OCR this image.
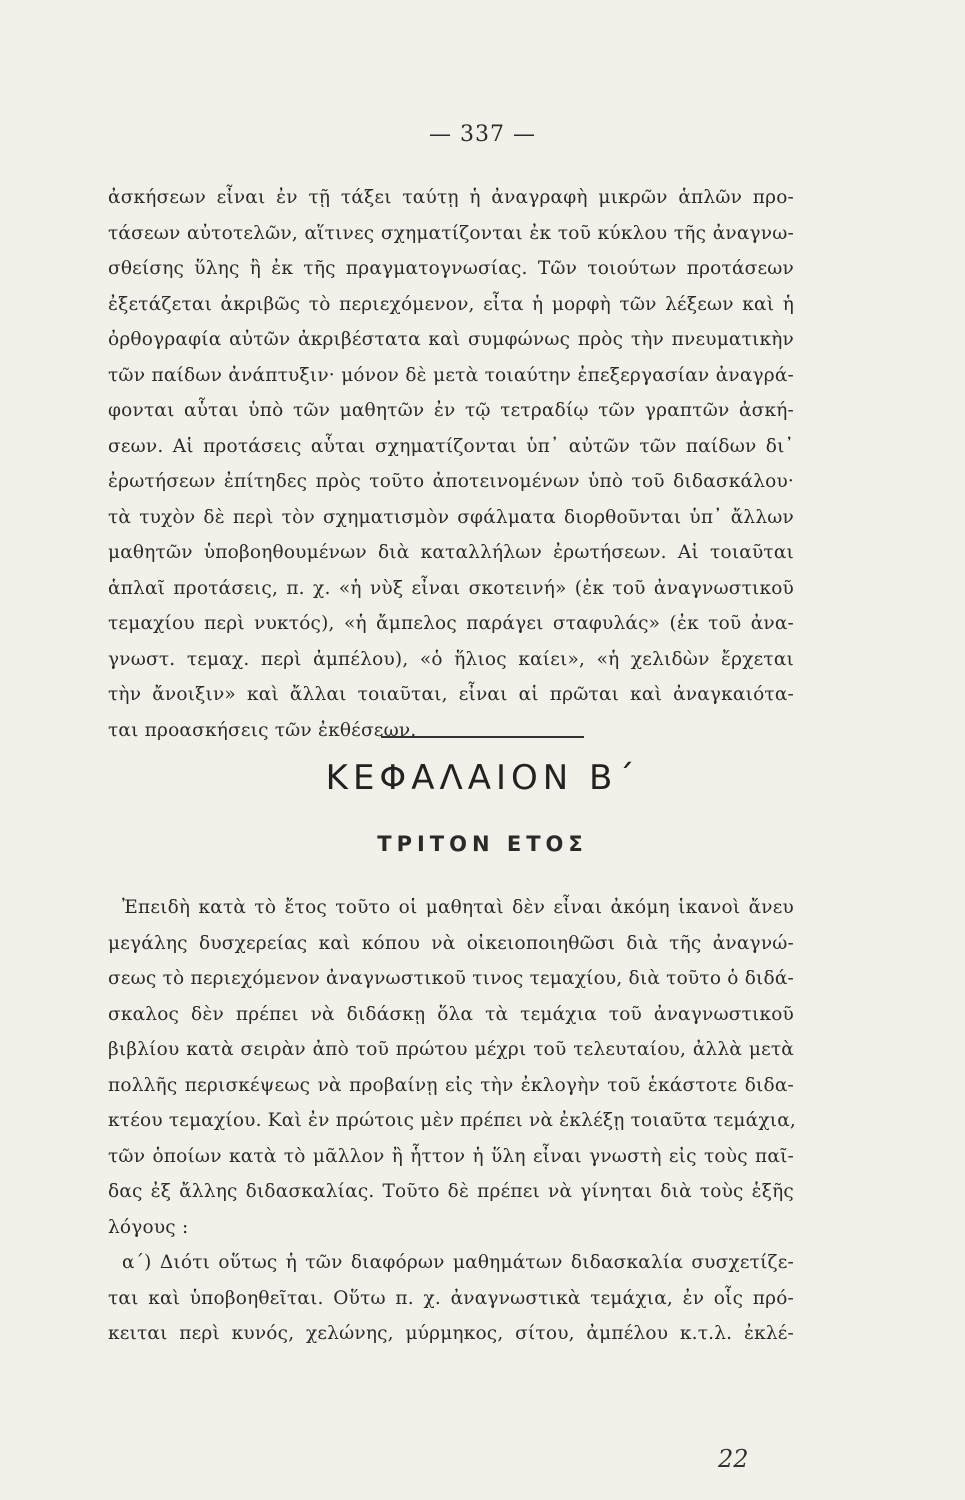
— 337 —
ἀσκήσεων εἶναι ἐν τῇ τάξει ταύτῃ ἡ ἀναγραφὴ μικρῶν ἁπλῶν προ-
τάσεων αὐτοτελῶν, αἵτινες σχηματίζονται ἐκ τοῦ κύκλου τῆς ἀναγνω-
σθείσης ὕλης ἢ ἐκ τῆς πραγματογνωσίας. Τῶν τοιούτων προτάσεων
ἐξετάζεται ἀκριβῶς τὸ περιεχόμενον, εἶτα ἡ μορφὴ τῶν λέξεων καὶ ἡ
ὀρθογραφία αὐτῶν ἀκριβέστατα καὶ συμφώνως πρὸς τὴν πνευματικὴν
τῶν παίδων ἀνάπτυξιν· μόνον δὲ μετὰ τοιαύτην ἐπεξεργασίαν ἀναγρά-
φονται αὗται ὑπὸ τῶν μαθητῶν ἐν τῷ τετραδίῳ τῶν γραπτῶν ἀσκή-
σεων. Αἱ προτάσεις αὗται σχηματίζονται ὑπ᾽ αὐτῶν τῶν παίδων δι᾽
ἐρωτήσεων ἐπίτηδες πρὸς τοῦτο ἀποτεινομένων ὑπὸ τοῦ διδασκάλου·
τὰ τυχὸν δὲ περὶ τὸν σχηματισμὸν σφάλματα διορθοῦνται ὑπ᾽ ἄλλων
μαθητῶν ὑποβοηθουμένων διὰ καταλλήλων ἐρωτήσεων. Αἱ τοιαῦται
ἁπλαῖ προτάσεις, π. χ. «ἡ νὺξ εἶναι σκοτεινή» (ἐκ τοῦ ἀναγνωστικοῦ
τεμαχίου περὶ νυκτός), «ἡ ἄμπελος παράγει σταφυλάς» (ἐκ τοῦ ἀνα-
γνωστ. τεμαχ. περὶ ἀμπέλου), «ὁ ἥλιος καίει», «ἡ χελιδὼν ἔρχεται
τὴν ἄνοιξιν» καὶ ἄλλαι τοιαῦται, εἶναι αἱ πρῶται καὶ ἀναγκαιότα-
ται προασκήσεις τῶν ἐκθέσεων.
ΚΕΦΑΛΑΙΟΝ Β΄
ΤΡΙΤΟΝ ΕΤΟΣ
Ἐπειδὴ κατὰ τὸ ἔτος τοῦτο οἱ μαθηταὶ δὲν εἶναι ἀκόμη ἱκανοὶ ἄνευ
μεγάλης δυσχερείας καὶ κόπου νὰ οἰκειοποιηθῶσι διὰ τῆς ἀναγνώ-
σεως τὸ περιεχόμενον ἀναγνωστικοῦ τινος τεμαχίου, διὰ τοῦτο ὁ διδά-
σκαλος δὲν πρέπει νὰ διδάσκῃ ὅλα τὰ τεμάχια τοῦ ἀναγνωστικοῦ
βιβλίου κατὰ σειρὰν ἀπὸ τοῦ πρώτου μέχρι τοῦ τελευταίου, ἀλλὰ μετὰ
πολλῆς περισκέψεως νὰ προβαίνῃ εἰς τὴν ἐκλογὴν τοῦ ἑκάστοτε διδα-
κτέου τεμαχίου. Καὶ ἐν πρώτοις μὲν πρέπει νὰ ἐκλέξῃ τοιαῦτα τεμάχια,
τῶν ὁποίων κατὰ τὸ μᾶλλον ἢ ἧττον ἡ ὕλη εἶναι γνωστὴ εἰς τοὺς παῖ-
δας ἐξ ἄλλης διδασκαλίας. Τοῦτο δὲ πρέπει νὰ γίνηται διὰ τοὺς ἑξῆς
λόγους :
α΄) Διότι οὕτως ἡ τῶν διαφόρων μαθημάτων διδασκαλία συσχετίζε-
ται καὶ ὑποβοηθεῖται. Οὕτω π. χ. ἀναγνωστικὰ τεμάχια, ἐν οἷς πρό-
κειται περὶ κυνός, χελώνης, μύρμηκος, σίτου, ἀμπέλου κ.τ.λ. ἐκλέ-
22
